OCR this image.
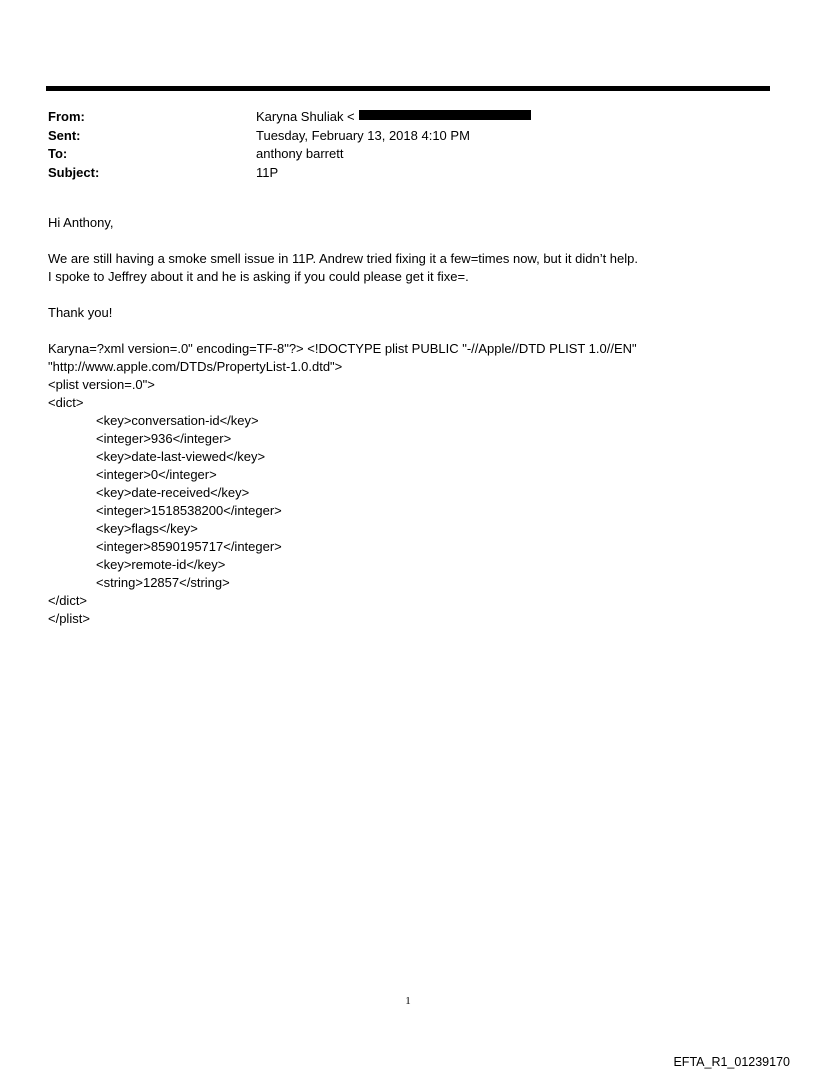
From:	Karyna Shuliak <
Sent:	Tuesday, February 13, 2018 4:10 PM
To:	anthony barrett
Subject:	11P

Hi Anthony,

We are still having a smoke smell issue in 11P. Andrew tried fixing it a few=times now, but it didn’t help.

I spoke to Jeffrey about it and he is asking if you could please get it fixe=.

Thank you!

Karyna=?xml version=.0" encoding=TF-8"?> <!DOCTYPE plist PUBLIC "-//Apple//DTD PLIST 1.0//EN"

"http://www.apple.com/DTDs/PropertyList-1.0.dtd">

<plist version=.0">

<dict>

<key>conversation-id</key>

<integer>936</integer>

<key>date-last-viewed</key>

<integer>0</integer>

<key>date-received</key>

<integer>1518538200</integer>

<key>flags</key>

<integer>8590195717</integer>

<key>remote-id</key>

<string>12857</string>

</dict>

</plist>

1
EFTA_R1_01239170
